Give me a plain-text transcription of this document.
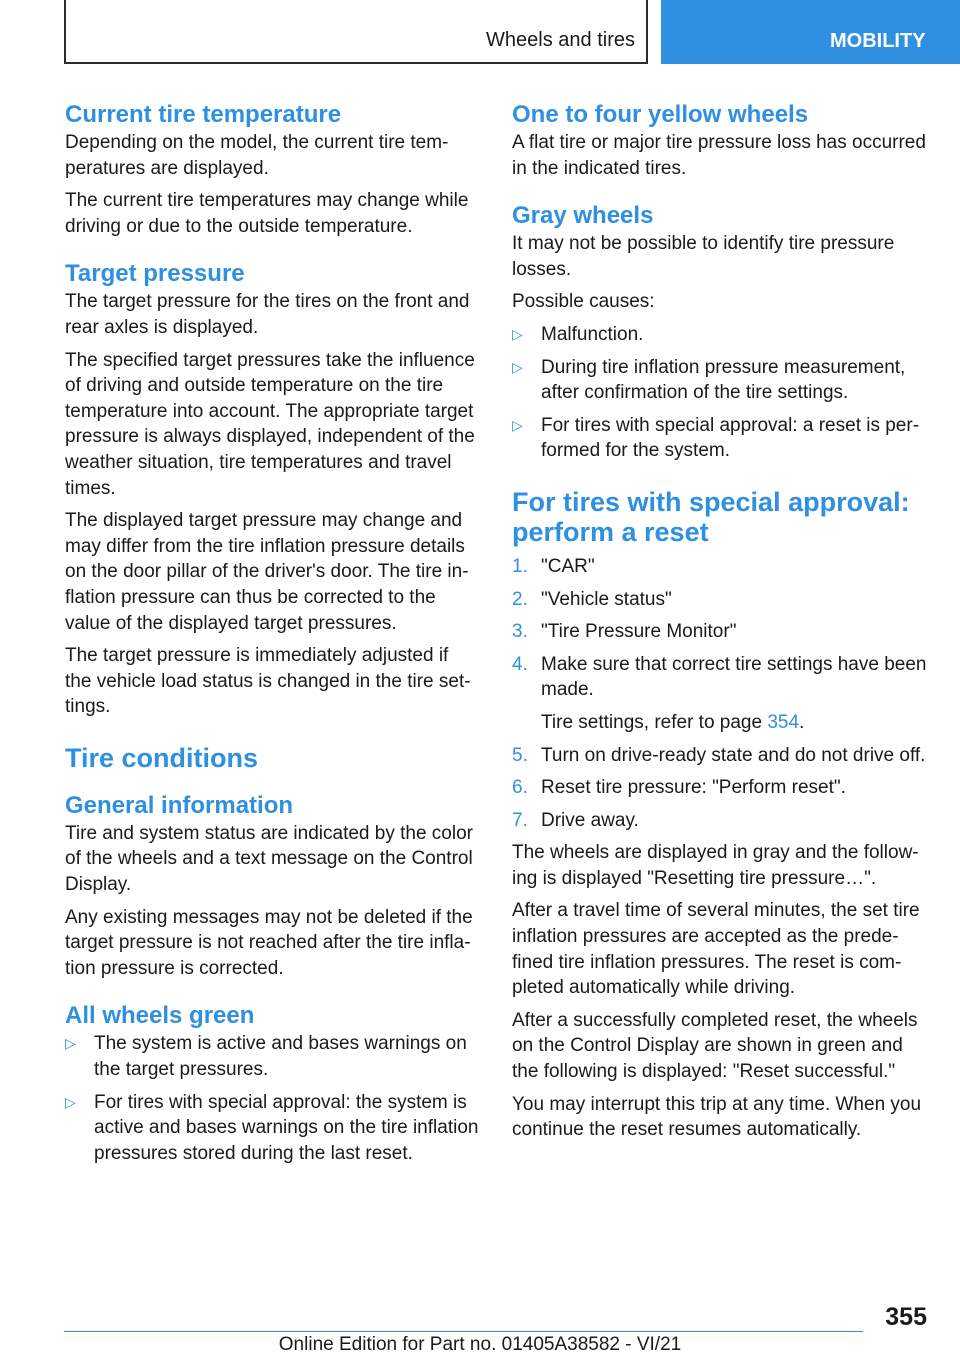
Wheels and tires	MOBILITY
Current tire temperature

Depending on the model, the current tire tem-peratures are displayed.

The current tire temperatures may change while driving or due to the outside temperature.

Target pressure

The target pressure for the tires on the front and rear axles is displayed.

The specified target pressures take the influence of driving and outside temperature on the tire temperature into account. The appropriate target pressure is always displayed, independent of the weather situation, tire temperatures and travel times.

The displayed target pressure may change and may differ from the tire inflation pressure details on the door pillar of the driver's door. The tire in-flation pressure can thus be corrected to the value of the displayed target pressures.

The target pressure is immediately adjusted if the vehicle load status is changed in the tire set-tings.

Tire conditions
General information

Tire and system status are indicated by the color of the wheels and a text message on the Control Display.

Any existing messages may not be deleted if the target pressure is not reached after the tire infla-tion pressure is corrected.

All wheels green
▷ The system is active and bases warnings on the target pressures.
▷ For tires with special approval: the system is active and bases warnings on the tire inflation pressures stored during the last reset.
One to four yellow wheels

A flat tire or major tire pressure loss has occurred in the indicated tires.

Gray wheels

It may not be possible to identify tire pressure losses.

Possible causes:

▷ Malfunction.
▷ During tire inflation pressure measurement, after confirmation of the tire settings.
▷ For tires with special approval: a reset is per-formed for the system.
For tires with special approval: perform a reset
1. "CAR"
2. "Vehicle status"
3. "Tire Pressure Monitor"
4. Make sure that correct tire settings have been made.
Tire settings, refer to page 354.
5. Turn on drive-ready state and do not drive off.
6. Reset tire pressure: "Perform reset".
7. Drive away.

The wheels are displayed in gray and the follow-ing is displayed "Resetting tire pressure…".

After a travel time of several minutes, the set tire inflation pressures are accepted as the prede-fined tire inflation pressures. The reset is com-pleted automatically while driving.

After a successfully completed reset, the wheels on the Control Display are shown in green and the following is displayed: "Reset successful."

You may interrupt this trip at any time. When you continue the reset resumes automatically.

355
Online Edition for Part no. 01405A38582 - VI/21
